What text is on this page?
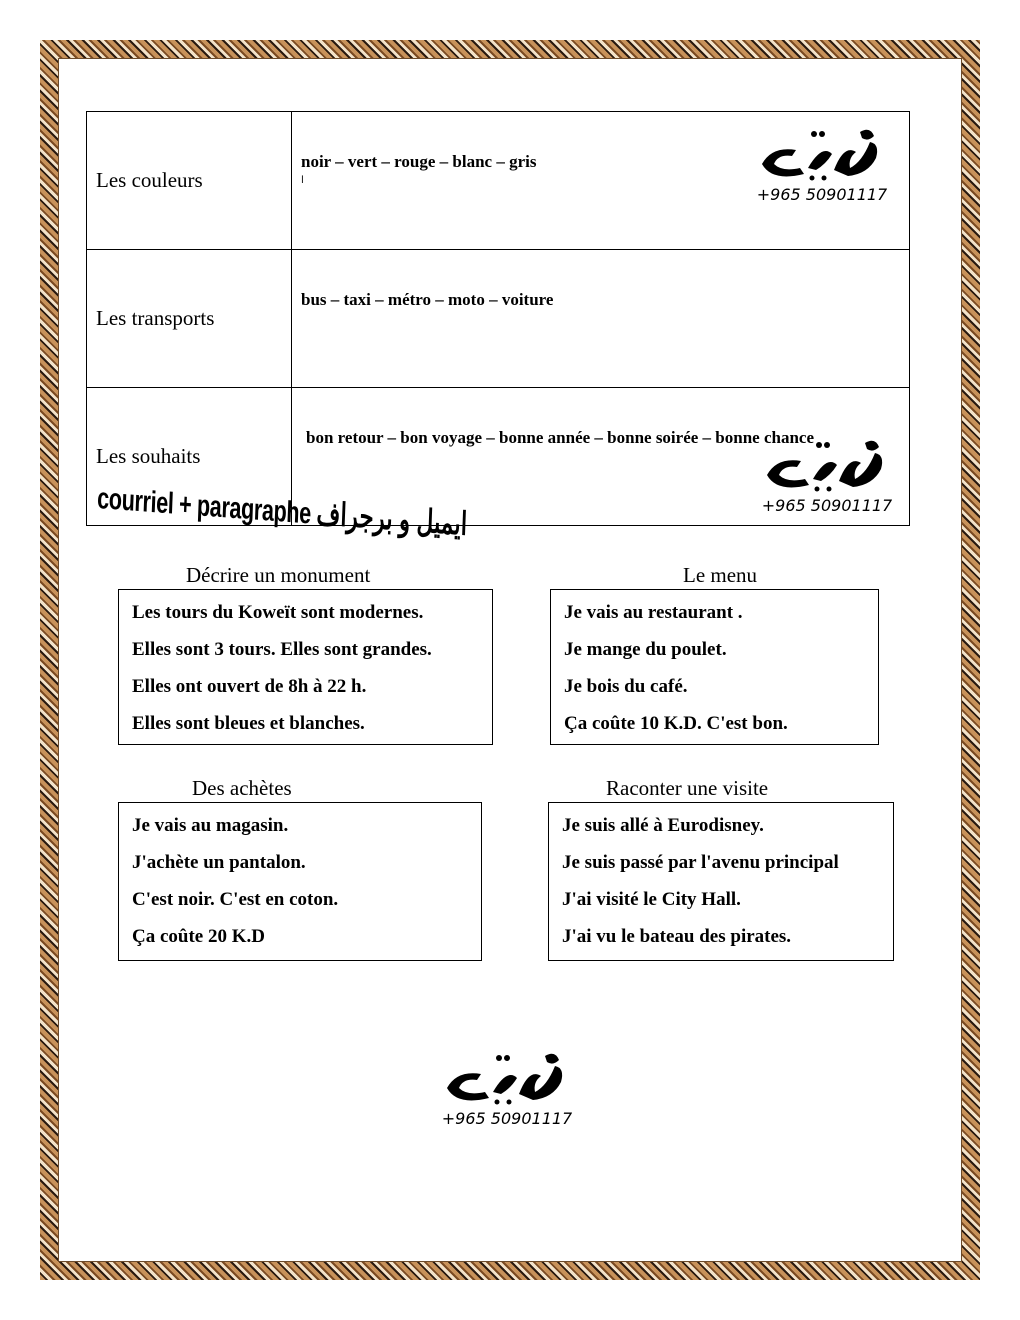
Les couleurs	noir – vert – rouge – blanc – gris
ا

Les transports	bus – taxi – métro – moto – voiture
Les souhaits	bon retour – bon voyage – bonne année – bonne soirée – bonne chance
+965 50901117
+965 50901117
+965 50901117
courriel + paragraphe ايميل و برجراف
Décrire un monument
Les tours du Koweït sont modernes.
Elles sont 3 tours. Elles sont grandes.
Elles ont ouvert de 8h à 22 h.
Elles sont bleues et blanches.
Le menu
Je vais au restaurant .
Je mange du poulet.
Je bois du café.
Ça coûte 10 K.D. C'est bon.
Des achètes
Je vais au magasin.
J'achète un pantalon.
C'est noir. C'est en coton.
Ça coûte 20 K.D
Raconter une visite
Je suis allé à Eurodisney.
Je suis passé par l'avenu principal
J'ai visité le City Hall.
J'ai vu le bateau des pirates.
